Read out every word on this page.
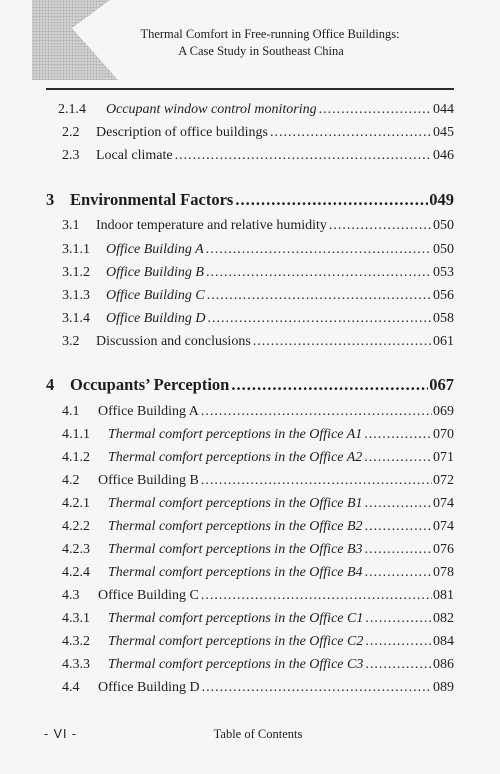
Thermal Comfort in Free-running Office Buildings:
A Case Study in Southeast China
2.1.4	Occupant window control monitoring .....	044
2.2	Description of office buildings .....	045
2.3	Local climate .....	046
3 Environmental Factors .....	049
3.1	Indoor temperature and relative humidity .....	050
3.1.1	Office Building A .....	050
3.1.2	Office Building B .....	053
3.1.3	Office Building C .....	056
3.1.4	Office Building D .....	058
3.2	Discussion and conclusions .....	061
4 Occupants’ Perception .....	067
4.1	Office Building A .....	069
4.1.1	Thermal comfort perceptions in the Office A1 .....	070
4.1.2	Thermal comfort perceptions in the Office A2 .....	071
4.2	Office Building B .....	072
4.2.1	Thermal comfort perceptions in the Office B1 .....	074
4.2.2	Thermal comfort perceptions in the Office B2 .....	074
4.2.3	Thermal comfort perceptions in the Office B3 .....	076
4.2.4	Thermal comfort perceptions in the Office B4 .....	078
4.3	Office Building C .....	081
4.3.1	Thermal comfort perceptions in the Office C1 .....	082
4.3.2	Thermal comfort perceptions in the Office C2 .....	084
4.3.3	Thermal comfort perceptions in the Office C3 .....	086
4.4	Office Building D .....	089
- VI -	Table of Contents
